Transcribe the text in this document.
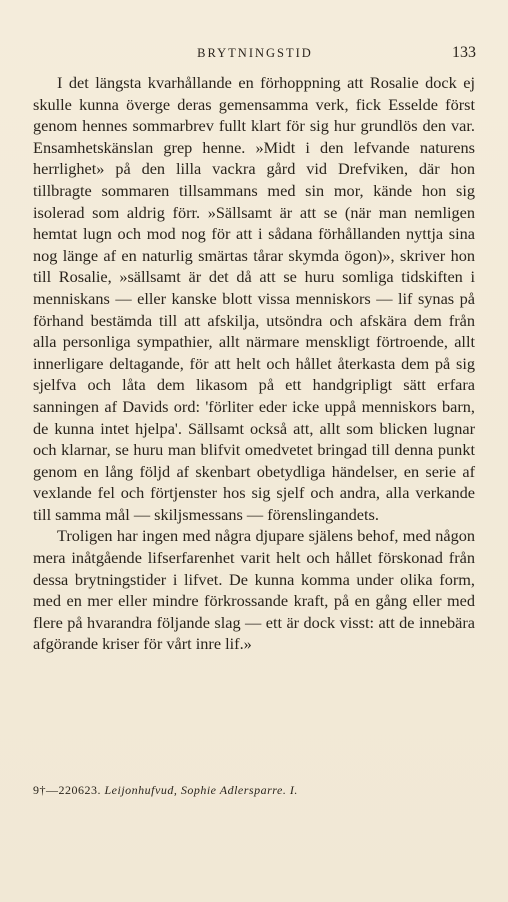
BRYTNINGSTID	133

I det längsta kvarhållande en förhoppning att Rosalie dock ej skulle kunna överge deras gemensamma verk, fick Esselde först genom hennes sommarbrev fullt klart för sig hur grundlös den var. Ensamhetskänslan grep henne. »Midt i den lefvande naturens herrlighet» på den lilla vackra gård vid Drefviken, där hon tillbragte sommaren tillsammans med sin mor, kände hon sig isolerad som aldrig förr. »Sällsamt är att se (när man nemligen hemtat lugn och mod nog för att i sådana förhållanden nyttja sina nog länge af en naturlig smärtas tårar skymda ögon)», skriver hon till Rosalie, »sällsamt är det då att se huru somliga tidskiften i menniskans — eller kanske blott vissa menniskors — lif synas på förhand bestämda till att afskilja, utsöndra och afskära dem från alla personliga sympathier, allt närmare menskligt förtroende, allt innerligare deltagande, för att helt och hållet återkasta dem på sig sjelfva och låta dem likasom på ett handgripligt sätt erfara sanningen af Davids ord: 'förliter eder icke uppå menniskors barn, de kunna intet hjelpa'. Sällsamt också att, allt som blicken lugnar och klarnar, se huru man blifvit omedvetet bringad till denna punkt genom en lång följd af skenbart obetydliga händelser, en serie af vexlande fel och förtjenster hos sig sjelf och andra, alla verkande till samma mål — skiljsmessans — förenslingandets.

Troligen har ingen med några djupare själens behof, med någon mera inåtgående lifserfarenhet varit helt och hållet förskonad från dessa brytningstider i lifvet. De kunna komma under olika form, med en mer eller mindre förkrossande kraft, på en gång eller med flere på hvarandra följande slag — ett är dock visst: att de innebära afgörande kriser för vårt inre lif.»

9†—220623. Leijonhufvud, Sophie Adlersparre. I.
